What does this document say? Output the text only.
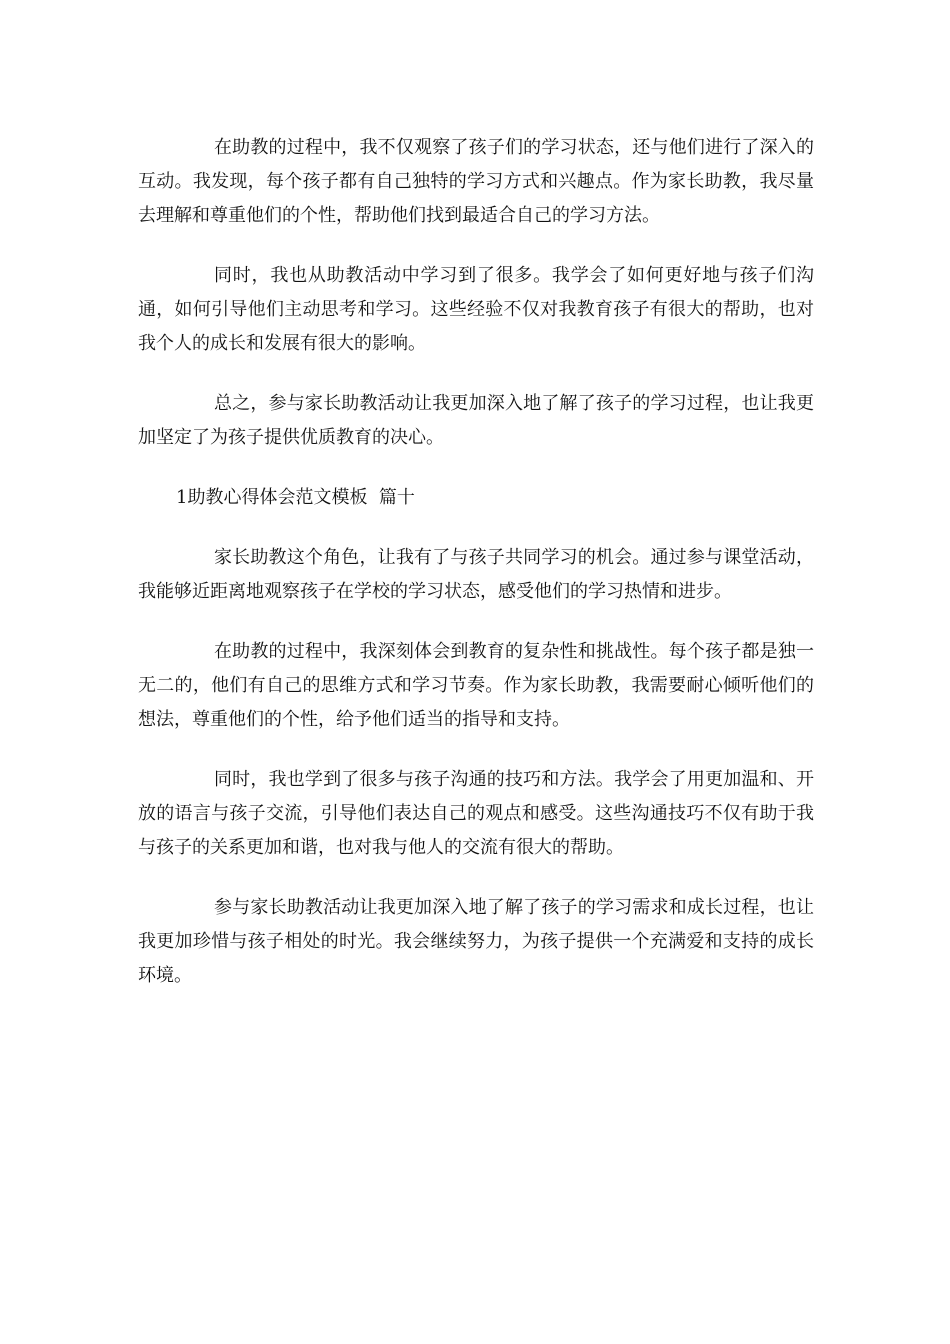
在助教的过程中，我不仅观察了孩子们的学习状态，还与他们进行了深入的互动。我发现，每个孩子都有自己独特的学习方式和兴趣点。作为家长助教，我尽量去理解和尊重他们的个性，帮助他们找到最适合自己的学习方法。

同时，我也从助教活动中学习到了很多。我学会了如何更好地与孩子们沟通，如何引导他们主动思考和学习。这些经验不仅对我教育孩子有很大的帮助，也对我个人的成长和发展有很大的影响。

总之，参与家长助教活动让我更加深入地了解了孩子的学习过程，也让我更加坚定了为孩子提供优质教育的决心。

1助教心得体会范文模板  篇十

家长助教这个角色，让我有了与孩子共同学习的机会。通过参与课堂活动，我能够近距离地观察孩子在学校的学习状态，感受他们的学习热情和进步。

在助教的过程中，我深刻体会到教育的复杂性和挑战性。每个孩子都是独一无二的，他们有自己的思维方式和学习节奏。作为家长助教，我需要耐心倾听他们的想法，尊重他们的个性，给予他们适当的指导和支持。

同时，我也学到了很多与孩子沟通的技巧和方法。我学会了用更加温和、开放的语言与孩子交流，引导他们表达自己的观点和感受。这些沟通技巧不仅有助于我与孩子的关系更加和谐，也对我与他人的交流有很大的帮助。

参与家长助教活动让我更加深入地了解了孩子的学习需求和成长过程，也让我更加珍惜与孩子相处的时光。我会继续努力，为孩子提供一个充满爱和支持的成长环境。
